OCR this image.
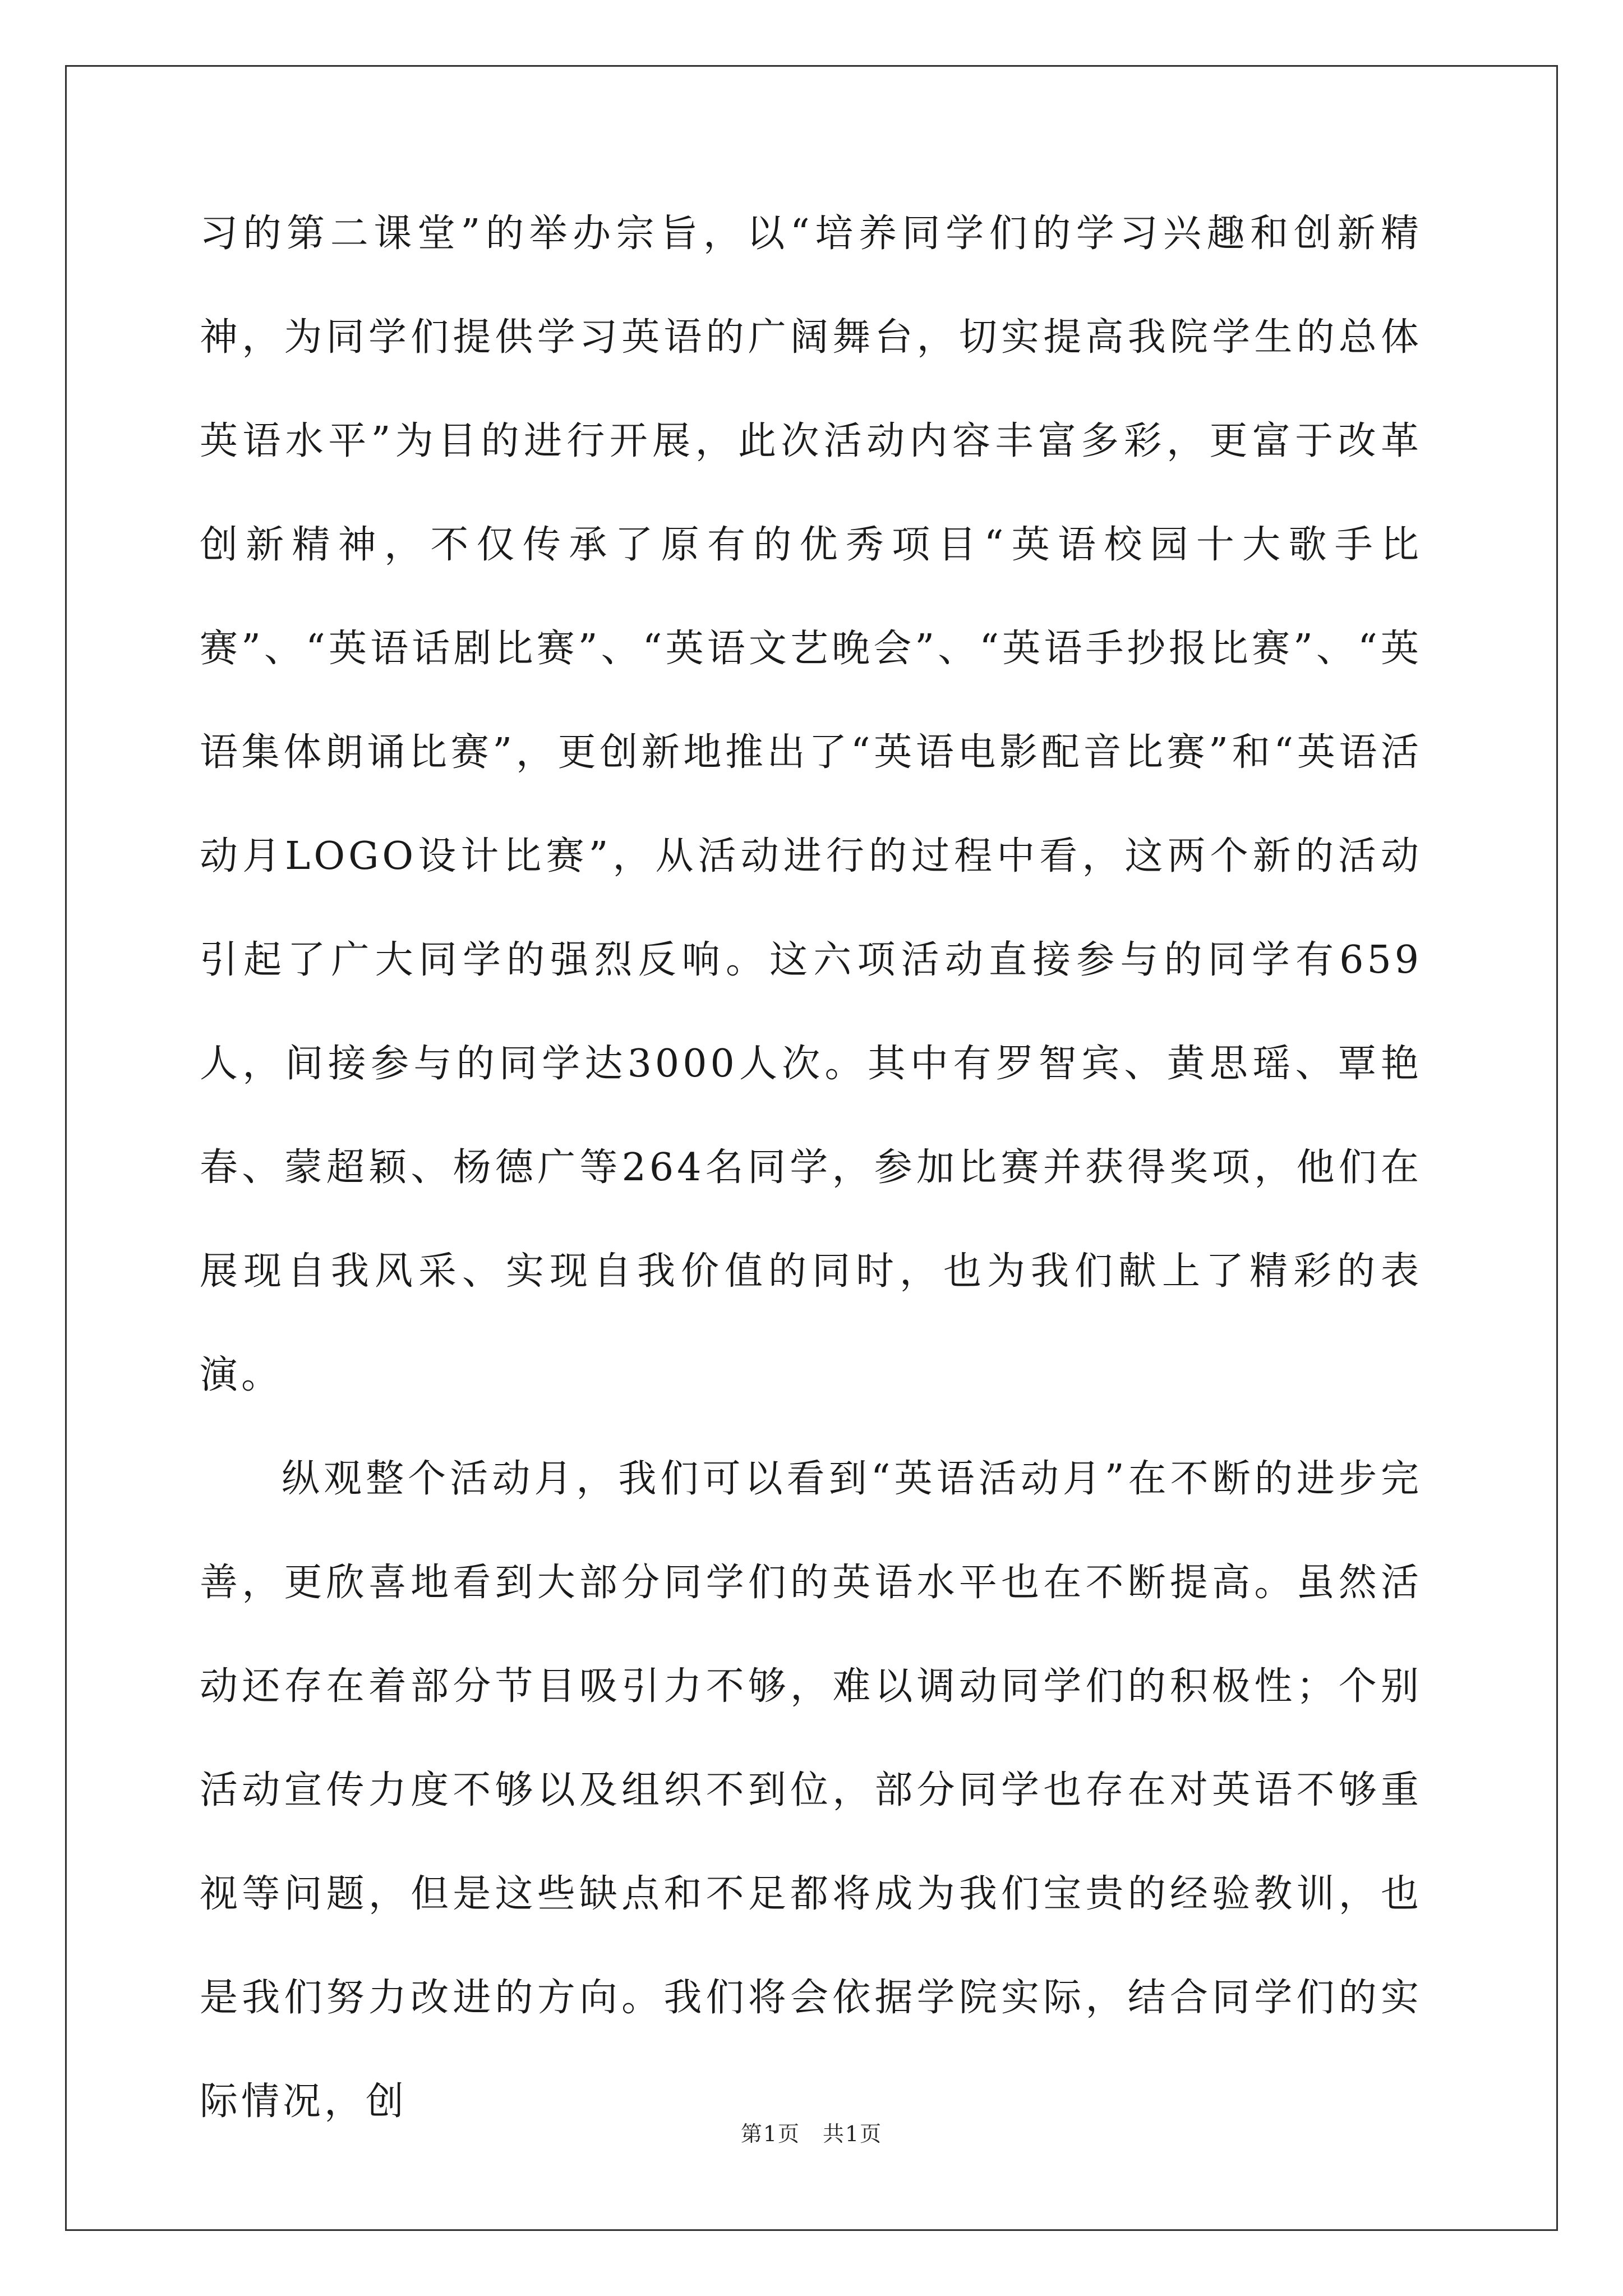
习的第二课堂”的举办宗旨，以“培养同学们的学习兴趣和创新精神，为同学们提供学习英语的广阔舞台，切实提高我院学生的总体英语水平”为目的进行开展，此次活动内容丰富多彩，更富于改革创新精神，不仅传承了原有的优秀项目“英语校园十大歌手比赛”、“英语话剧比赛”、“英语文艺晚会”、“英语手抄报比赛”、“英语集体朗诵比赛”，更创新地推出了“英语电影配音比赛”和“英语活动月LOGO设计比赛”，从活动进行的过程中看，这两个新的活动引起了广大同学的强烈反响。这六项活动直接参与的同学有659人，间接参与的同学达3000人次。其中有罗智宾、黄思瑶、覃艳春、蒙超颖、杨德广等264名同学，参加比赛并获得奖项，他们在展现自我风采、实现自我价值的同时，也为我们献上了精彩的表演。

纵观整个活动月，我们可以看到“英语活动月”在不断的进步完善，更欣喜地看到大部分同学们的英语水平也在不断提高。虽然活动还存在着部分节目吸引力不够，难以调动同学们的积极性；个别活动宣传力度不够以及组织不到位，部分同学也存在对英语不够重视等问题，但是这些缺点和不足都将成为我们宝贵的经验教训，也是我们努力改进的方向。我们将会依据学院实际，结合同学们的实际情况，创

第1页 共1页
